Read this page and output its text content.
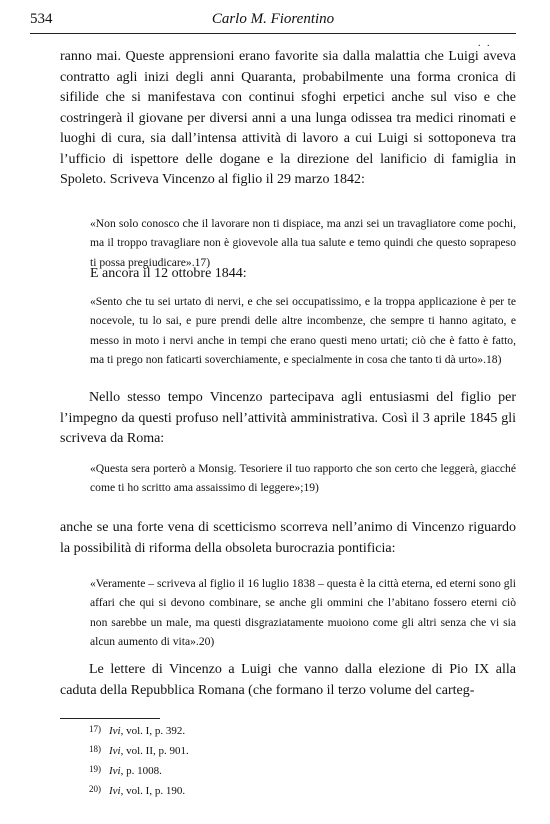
534	Carlo M. Fiorentino
. .

ranno mai. Queste apprensioni erano favorite sia dalla malattia che Luigi aveva contratto agli inizi degli anni Quaranta, probabilmente una forma cronica di sifilide che si manifestava con continui sfoghi erpetici anche sul viso e che costringerà il giovane per diversi anni a una lunga odissea tra medici rinomati e luoghi di cura, sia dall’intensa attività di lavoro a cui Luigi si sottoponeva tra l’ufficio di ispettore delle dogane e la direzione del lanificio di famiglia in Spoleto. Scriveva Vincenzo al figlio il 29 marzo 1842:

«Non solo conosco che il lavorare non ti dispiace, ma anzi sei un travagliatore come pochi, ma il troppo travagliare non è giovevole alla tua salute e temo quindi che questo soprapeso ti possa pregiudicare».17)

E ancora il 12 ottobre 1844:

«Sento che tu sei urtato di nervi, e che sei occupatissimo, e la troppa applicazione è per te nocevole, tu lo sai, e pure prendi delle altre incombenze, che sempre ti hanno agitato, e messo in moto i nervi anche in tempi che erano questi meno urtati; ciò che è fatto è fatto, ma ti prego non faticarti soverchiamente, e specialmente in cosa che tanto ti dà urto».18)

Nello stesso tempo Vincenzo partecipava agli entusiasmi del figlio per l’impegno da questi profuso nell’attività amministrativa. Così il 3 aprile 1845 gli scriveva da Roma:

«Questa sera porterò a Monsig. Tesoriere il tuo rapporto che son certo che leggerà, giacché come ti ho scritto ama assaissimo di leggere»;19)

anche se una forte vena di scetticismo scorreva nell’animo di Vincenzo riguardo la possibilità di riforma della obsoleta burocrazia pontificia:

«Veramente – scriveva al figlio il 16 luglio 1838 – questa è la città eterna, ed eterni sono gli affari che qui si devono combinare, se anche gli ommini che l’abitano fossero eterni ciò non sarebbe un male, ma questi disgraziatamente muoiono come gli altri senza che vi sia alcun aumento di vita».20)

Le lettere di Vincenzo a Luigi che vanno dalla elezione di Pio IX alla caduta della Repubblica Romana (che formano il terzo volume del carteg-

17) Ivi, vol. I, p. 392.
18) Ivi, vol. II, p. 901.
19) Ivi, p. 1008.
20) Ivi, vol. I, p. 190.
